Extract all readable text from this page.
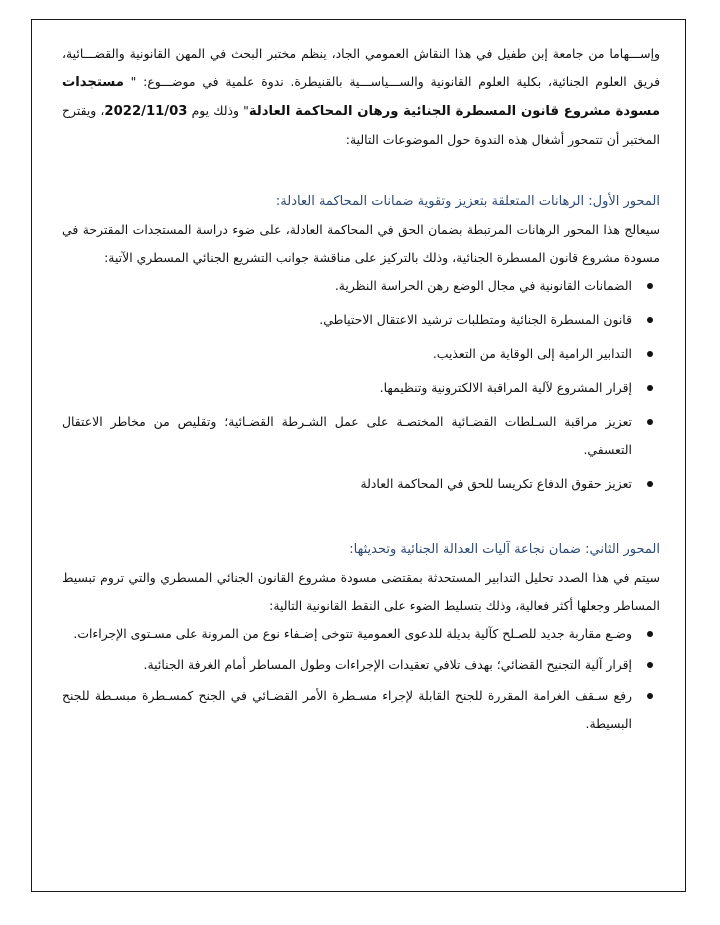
وإســـهاما من جامعة إبن طفيل في هذا النقاش العمومي الجاد، ينظم مختبر البحث في المهن القانونية والقضـــائية، فريق العلوم الجنائية، بكلية العلوم القانونية والســـياســـية بالقنيطرة. ندوة علمية في موضـــوع: " مستجدات مسودة مشروع قانون المسطرة الجنائية ورهان المحاكمة العادلة" وذلك يوم 2022/11/03، ويقترح المختبر أن تتمحور أشغال هذه الندوة حول الموضوعات التالية:

المحور الأول: الرهانات المتعلقة بتعزيز وتقوية ضمانات المحاكمة العادلة:

سيعالج هذا المحور الرهانات المرتبطة بضمان الحق في المحاكمة العادلة، على ضوء دراسة المستجدات المقترحة في مسودة مشروع قانون المسطرة الجنائية، وذلك بالتركيز على مناقشة جوانب التشريع الجنائي المسطري الآتية:

الضمانات القانونية في مجال الوضع رهن الحراسة النظرية.
قانون المسطرة الجنائية ومتطلبات ترشيد الاعتقال الاحتياطي.
التدابير الرامية إلى الوقاية من التعذيب.
إقرار المشروع لآلية المراقبة الالكترونية وتنظيمها.
تعزيز مراقبة السـلطات القضـائية المختصـة على عمل الشـرطة القضـائية؛ وتقليص من مخاطر الاعتقال التعسفي.
تعزيز حقوق الدفاع تكريسا للحق في المحاكمة العادلة

المحور الثاني: ضمان نجاعة آليات العدالة الجنائية وتحديثها:

سيتم في هذا الصدد تحليل التدابير المستحدثة بمقتضى مسودة مشروع القانون الجنائي المسطري والتي تروم تبسيط المساطر وجعلها أكثر فعالية، وذلك بتسليط الضوء على النقط القانونية التالية:

وضـع مقاربة جديد للصـلح كآلية بديلة للدعوى العمومية تتوخى إضـفاء نوع من المرونة على مسـتوى الإجراءات.
إقرار آلية التجنيح القضائي؛ بهدف تلافي تعقيدات الإجراءات وطول المساطر أمام الغرفة الجنائية.
رفع سـقف الغرامة المقررة للجنح القابلة لإجراء مسـطرة الأمر القضـائي في الجنح كمسـطرة مبسـطة للجنح البسيطة.
